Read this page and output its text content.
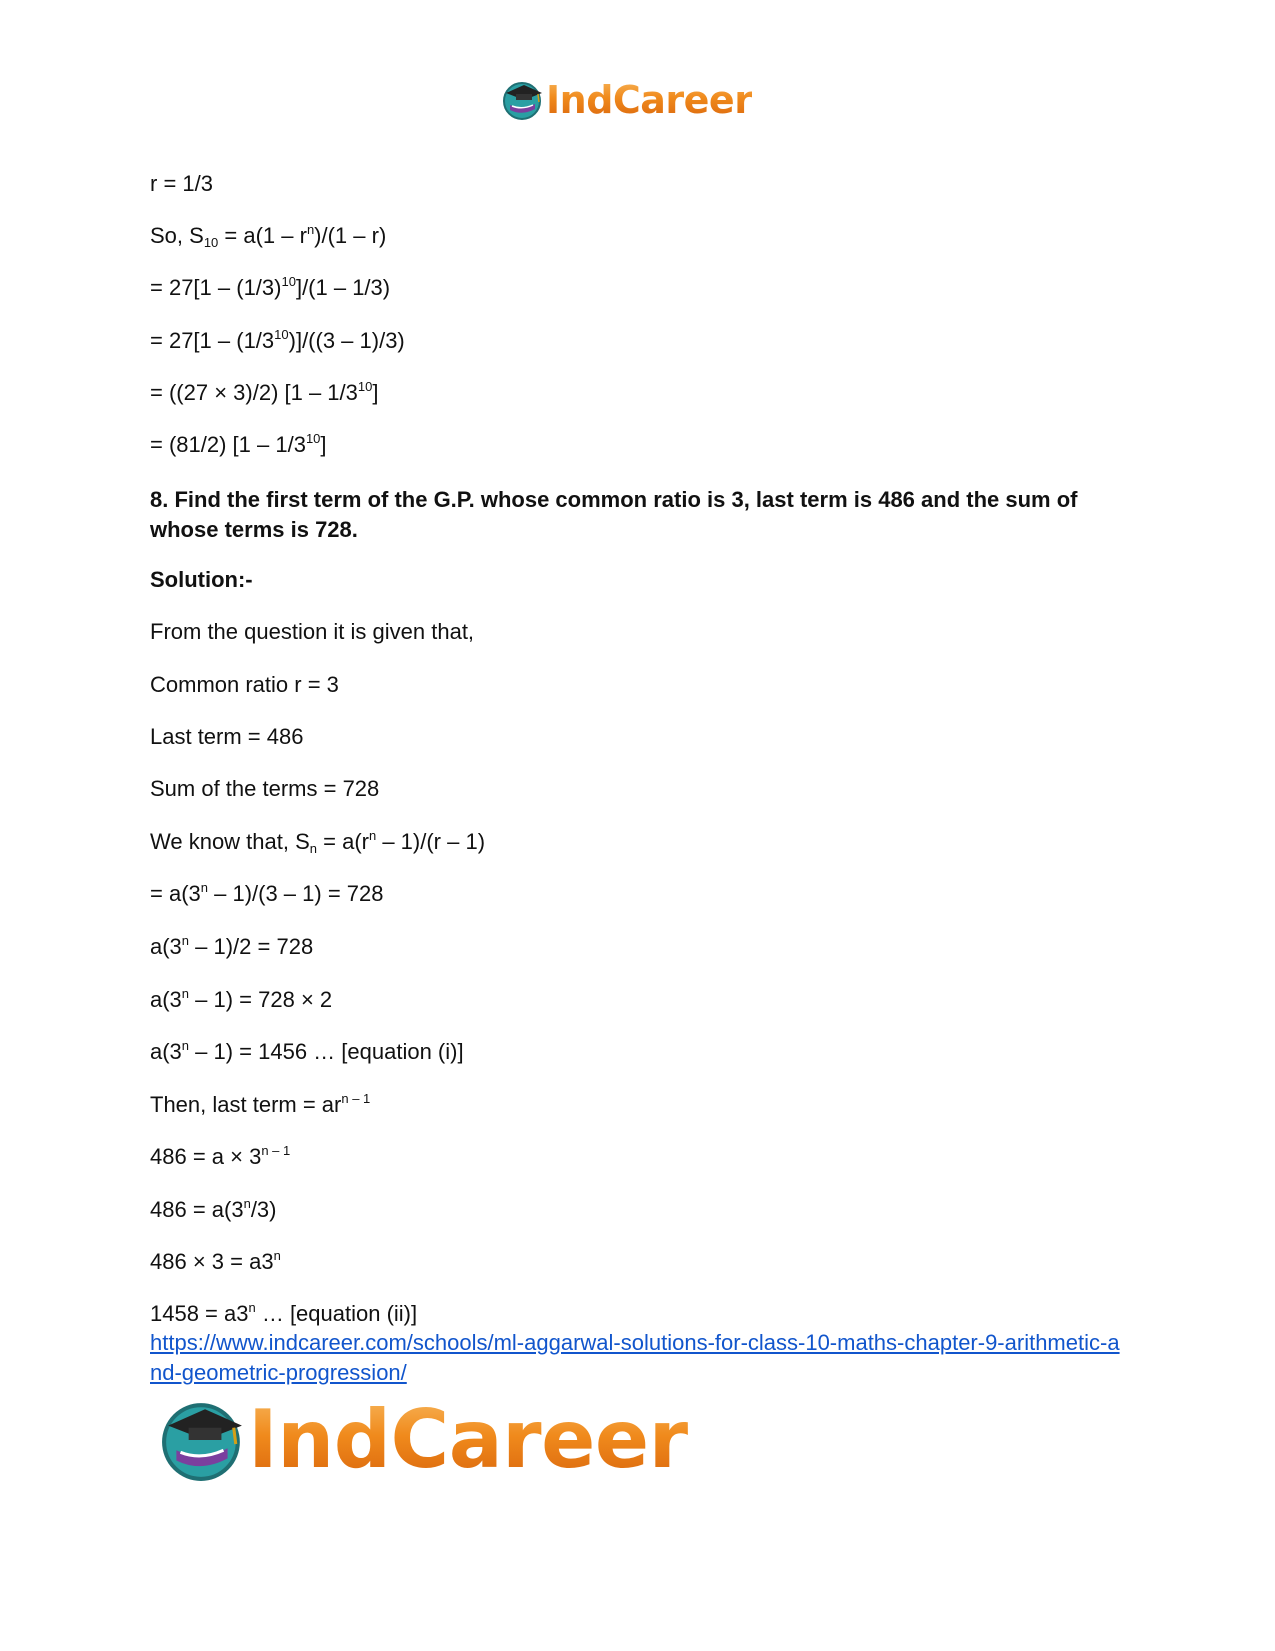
IndCareer
r = 1/3
So, $S_{10} = a(1 - r^n)/(1 - r)$
= $27[1 - (1/3)^{10}]/(1 - 1/3)$
= $27[1 - (1/3^{10})]/((3 - 1)/3)$
= ((27 × 3)/2) $[1 - 1/3^{10}]$
= (81/2) $[1 - 1/3^{10}]$
8. Find the first term of the G.P. whose common ratio is 3, last term is 486 and the sum of whose terms is 728.
Solution:-
From the question it is given that,
Common ratio r = 3
Last term = 486
Sum of the terms = 728
We know that, $S_n = a(r^n - 1)/(r - 1)$
= $a(3^n - 1)/(3 - 1) = 728$
a(3$^n$ – 1)/2 = 728
a(3$^n$ – 1) = 728 × 2
a(3$^n$ – 1) = 1456 … [equation (i)]
Then, last term = $ar^{n - 1}$
$486 = a \times 3^{n - 1}$
$486 = a(3^n/3)$
$486 \times 3 = a3^n$
$1458 = a3^n$ … [equation (ii)]
https://www.indcareer.com/schools/ml-aggarwal-solutions-for-class-10-maths-chapter-9-arithmetic-and-geometric-progression/
IndCareer
